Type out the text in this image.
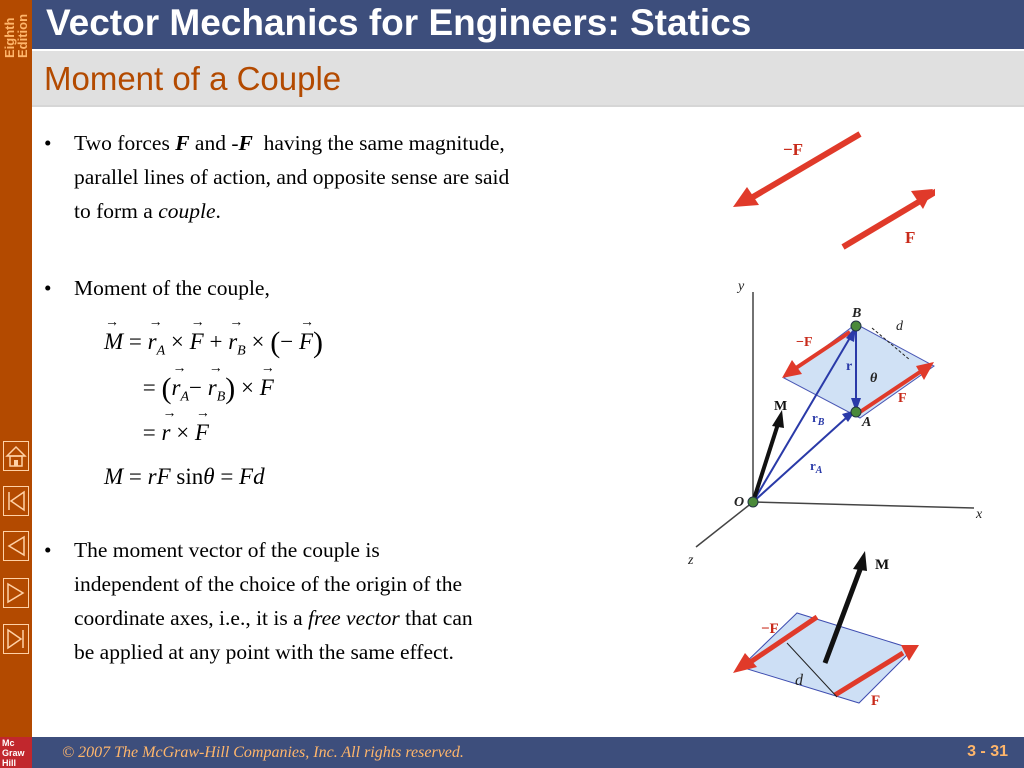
Eighth
Edition
Mc
Graw
Hill
Vector Mechanics for Engineers: Statics
Moment of a Couple
• Two forces F and -F  having the same magnitude,
parallel lines of action, and opposite sense are said
to form a couple.
• Moment of the couple,
→ M = → $r_A$ × → F + → $r_B$ × (− → F)
= (→ $r_A- \to r_B$) × → F
= → r × → F
M = rF sinθ = Fd
• The moment vector of the couple is
independent of the choice of the origin of the
coordinate axes, i.e., it is a free vector that can
be applied at any point with the same effect.
−F
F
y
x
z
O
B
A
d
θ
−F
F
r
M
$r_B$
$r_A$
M
−F
F
d
© 2007 The McGraw-Hill Companies, Inc. All rights reserved.	3 - 31
